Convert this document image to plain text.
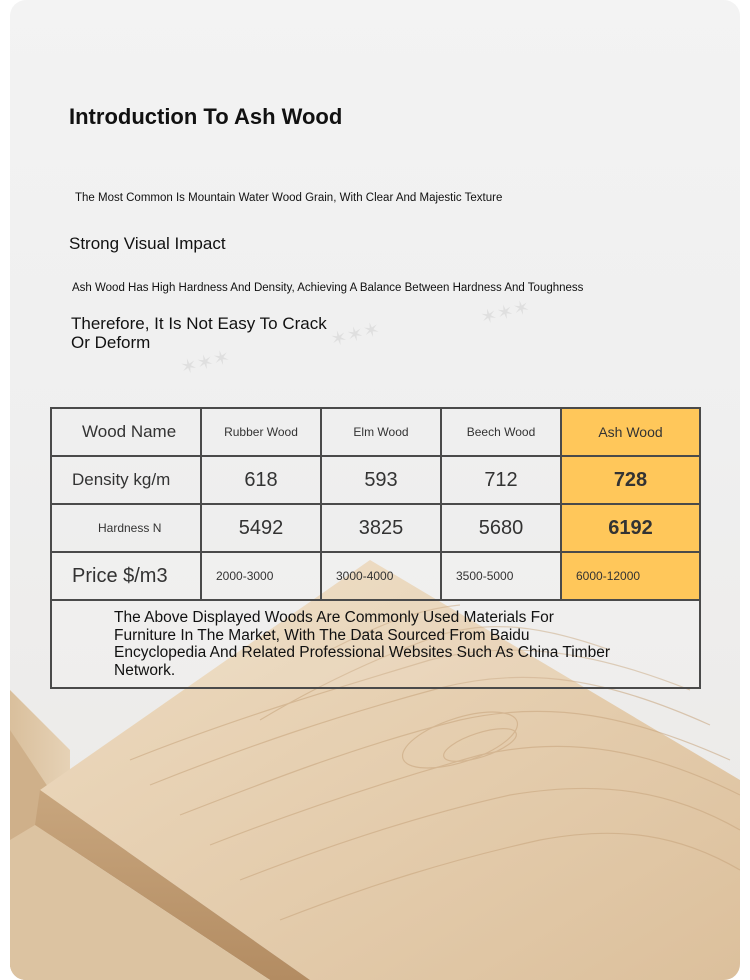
✶✶✶
✶✶✶
✶✶✶
Introduction To Ash Wood
The Most Common Is Mountain Water Wood Grain, With Clear And Majestic Texture
Strong Visual Impact
Ash Wood Has High Hardness And Density, Achieving A Balance Between Hardness And Toughness
Therefore, It Is Not Easy To Crack Or Deform
Wood Name	Rubber Wood	Elm Wood	Beech Wood	Ash Wood
Density kg/m	618	593	712	728
Hardness N	5492	3825	5680	6192
Price $/m3	2000-3000	3000-4000	3500-5000	6000-12000

The Above Displayed Woods Are Commonly Used Materials For Furniture In The Market, With The Data Sourced From Baidu Encyclopedia And Related Professional Websites Such As China Timber Network.				
